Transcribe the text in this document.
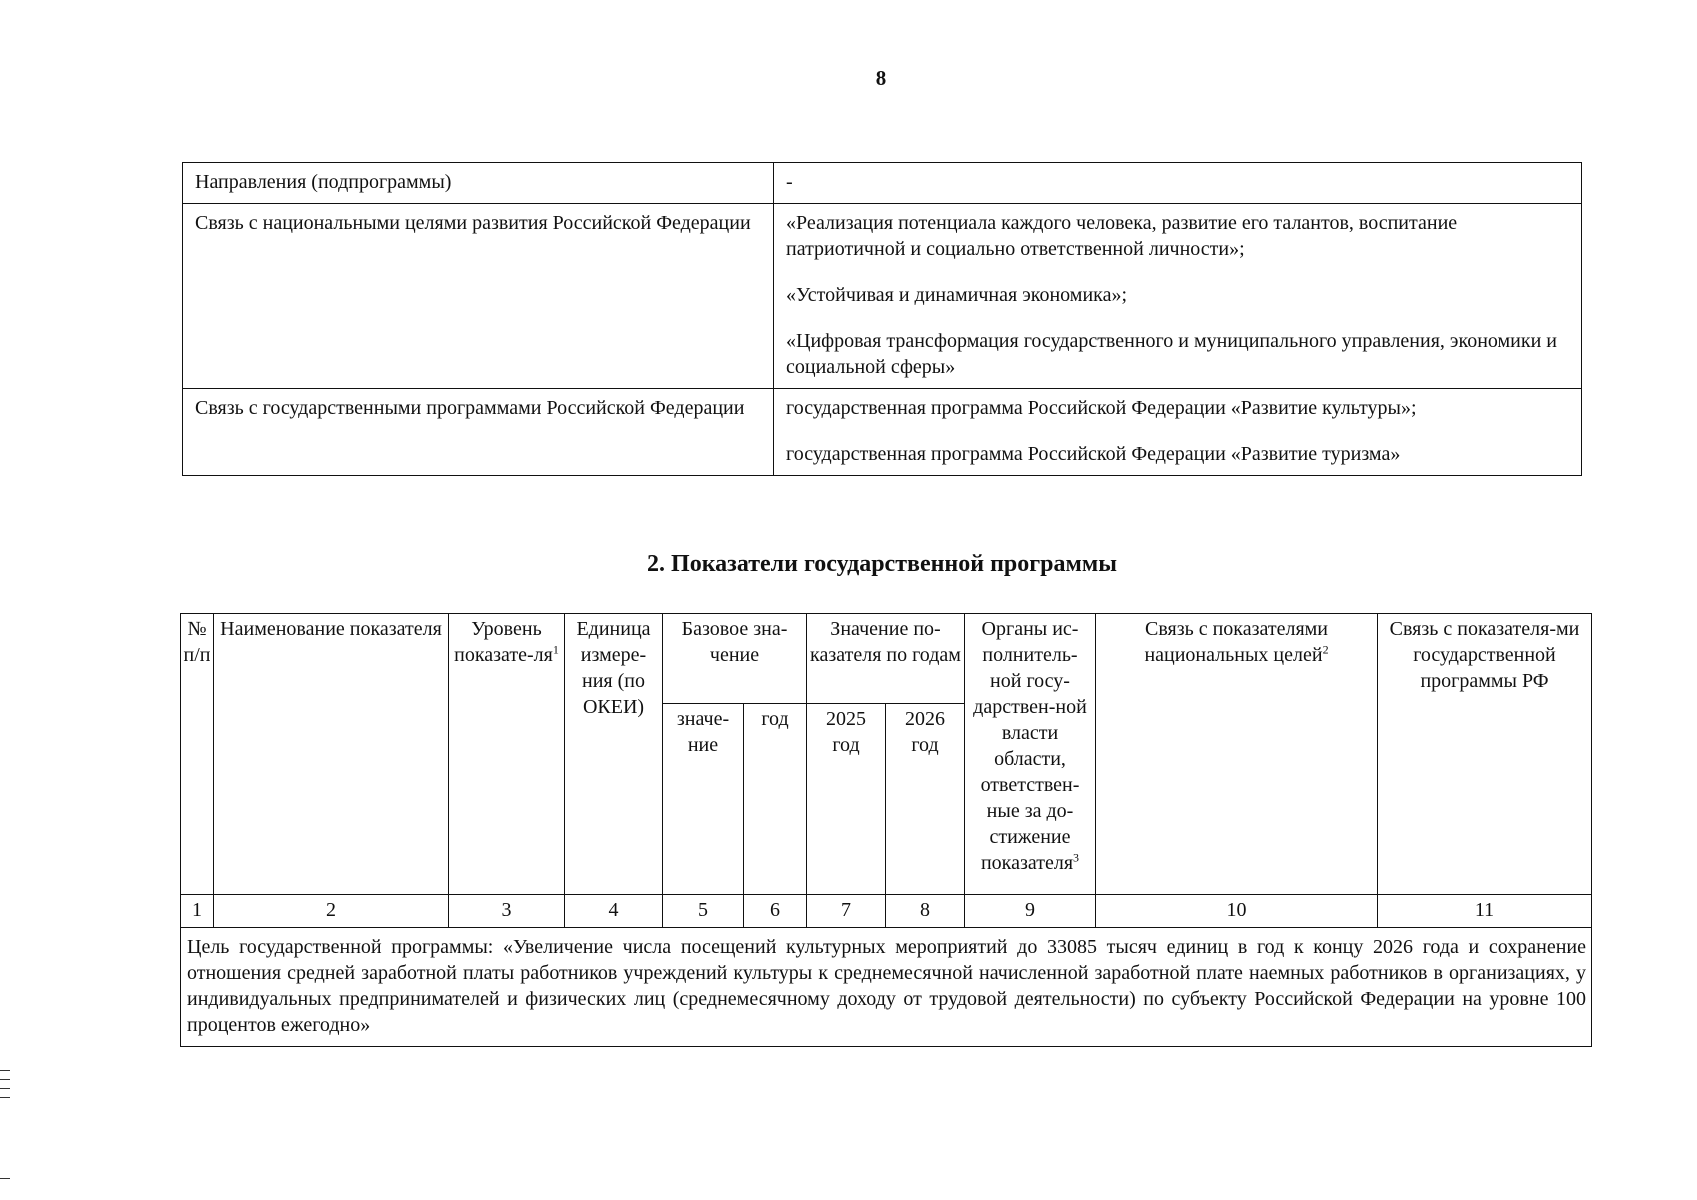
8
Направления (подпрограммы)	-

Связь с национальными целями развития Российской Федерации	«Реализация потенциала каждого человека, развитие его талантов, воспитание патриотичной и социально ответственной личности»;

«Устойчивая и динамичная экономика»;

«Цифровая трансформация государственного и муниципального управления, экономики и социальной сферы»

Связь с государственными программами Российской Федерации	государственная программа Российской Федерации «Развитие культуры»;

государственная программа Российской Федерации «Развитие туризма»

2. Показатели государственной программы
№ п/п	Наименование показателя	Уровень показате-$ля^1$	Единица измере-ния (по ОКЕИ)	Базовое зна-чение		Значение по-казателя по годам		Органы ис-полнитель-ной госу-дарствен-ной власти области, ответствен-ные за до-стижение показателя$^3$	Связь с показателями национальных целей$^2$	Связь с показателя-ми государственной программы РФ
				значе-ние	год	2025 год	2026 год			
1	2	3	4	5	6	7	8	9	10	11
Цель государственной программы: «Увеличение числа посещений культурных мероприятий до 33085 тысяч единиц в год к концу 2026 года и сохранение отношения средней заработной платы работников учреждений культуры к среднемесячной начисленной заработной плате наемных работников в организациях, у индивидуальных предпринимателей и физических лиц (среднемесячному доходу от трудовой деятельности) по субъекту Российской Федерации на уровне 100 процентов ежегодно»										
